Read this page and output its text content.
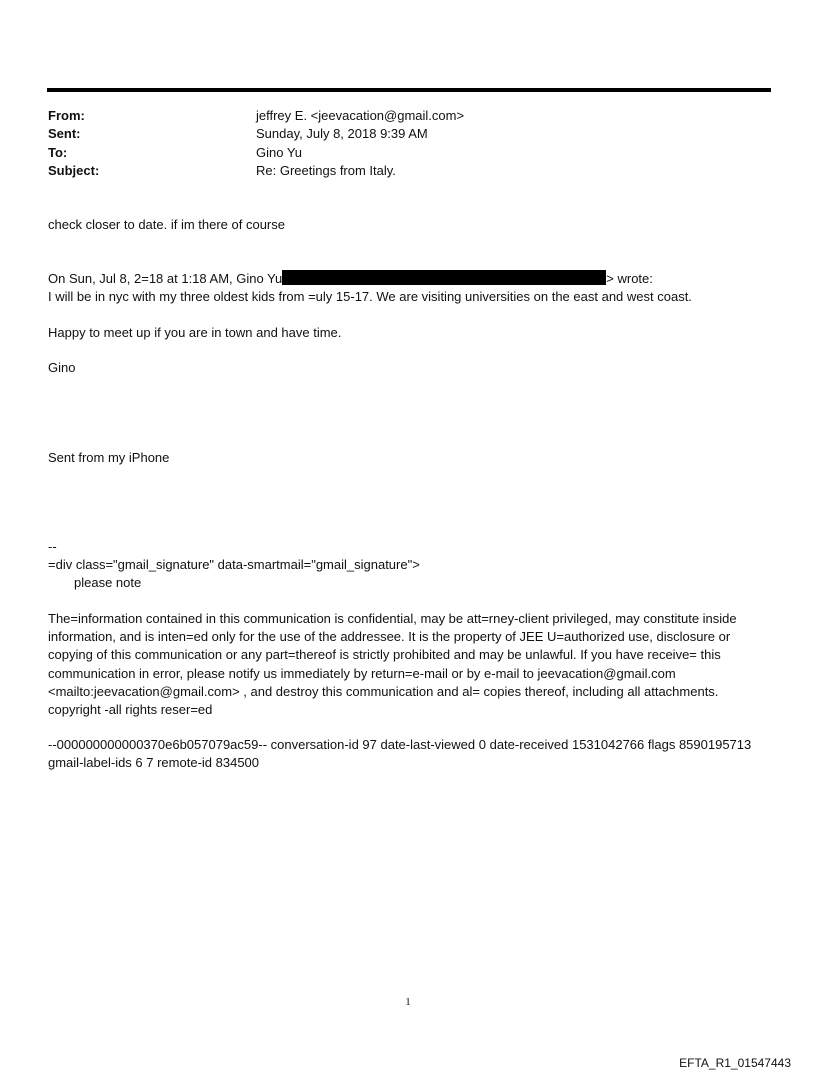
From:	jeffrey E. <jeevacation@gmail.com>
Sent:	Sunday, July 8, 2018 9:39 AM
To:	Gino Yu
Subject:	Re: Greetings from Italy.
check closer to date. if im there of course
On Sun, Jul 8, 2=18 at 1:18 AM, Gino Yu	> wrote:
I will be in nyc with my three oldest kids from =uly 15-17. We are visiting universities on the east and west coast.
Happy to meet up if you are in town and have time.
Gino
Sent from my iPhone
--
=div class="gmail_signature" data-smartmail="gmail_signature">
please note
The=information contained in this communication is confidential, may be att=rney-client privileged, may constitute inside information, and is inten=ed only for the use of the addressee. It is the property of JEE U=authorized use, disclosure or copying of this communication or any part=thereof is strictly prohibited and may be unlawful. If you have receive= this communication in error, please notify us immediately by return=e-mail or by e-mail to jeevacation@gmail.com <mailto:jeevacation@gmail.com> , and destroy this communication and al= copies thereof, including all attachments. copyright -all rights reser=ed
--000000000000370e6b057079ac59-- conversation-id 97 date-last-viewed 0 date-received 1531042766 flags 8590195713 gmail-label-ids 6 7 remote-id 834500
1
EFTA_R1_01547443
